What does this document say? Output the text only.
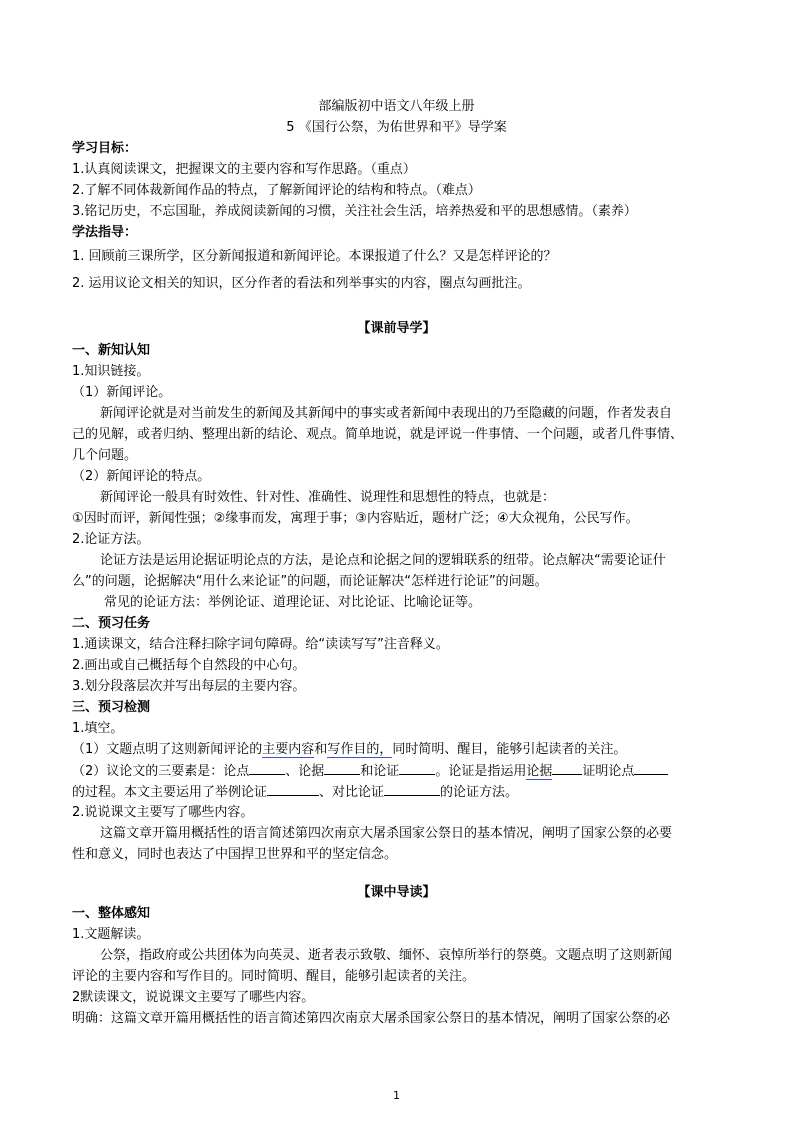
部编版初中语文八年级上册
5 《国行公祭，为佑世界和平》导学案
学习目标：
1.认真阅读课文，把握课文的主要内容和写作思路。（重点）
2.了解不同体裁新闻作品的特点，了解新闻评论的结构和特点。（难点）
3.铭记历史，不忘国耻，养成阅读新闻的习惯，关注社会生活，培养热爱和平的思想感情。（素养）
学法指导：
1. 回顾前三课所学，区分新闻报道和新闻评论。本课报道了什么？又是怎样评论的？
2. 运用议论文相关的知识，区分作者的看法和列举事实的内容，圈点勾画批注。
【课前导学】
一、新知认知
1.知识链接。
（1）新闻评论。
新闻评论就是对当前发生的新闻及其新闻中的事实或者新闻中表现出的乃至隐藏的问题，作者发表自
己的见解，或者归纳、整理出新的结论、观点。简单地说，就是评说一件事情、一个问题，或者几件事情、
几个问题。
（2）新闻评论的特点。
新闻评论一般具有时效性、针对性、准确性、说理性和思想性的特点，也就是：
①因时而评，新闻性强；②缘事而发，寓理于事；③内容贴近，题材广泛；④大众视角，公民写作。
2.论证方法。
论证方法是运用论据证明论点的方法，是论点和论据之间的逻辑联系的纽带。论点解决“需要论证什
么”的问题，论据解决“用什么来论证”的问题，而论证解决“怎样进行论证”的问题。
常见的论证方法：举例论证、道理论证、对比论证、比喻论证等。
二、预习任务
1.通读课文，结合注释扫除字词句障碍。给“读读写写”注音释义。
2.画出或自己概括每个自然段的中心句。
3.划分段落层次并写出每层的主要内容。
三、预习检测
1.填空。
（1）文题点明了这则新闻评论的主要内容和写作目的，同时简明、醒目，能够引起读者的关注。
（2）议论文的三要素是：论点	、论据	和论证	。论证是指运用论据 证明论点
的过程。本文主要运用了举例论证	、对比论证	的论证方法。
2.说说课文主要写了哪些内容。
这篇文章开篇用概括性的语言简述第四次南京大屠杀国家公祭日的基本情况，阐明了国家公祭的必要
性和意义，同时也表达了中国捍卫世界和平的坚定信念。
【课中导读】
一、整体感知
1.文题解读。
公祭，指政府或公共团体为向英灵、逝者表示致敬、缅怀、哀悼所举行的祭奠。文题点明了这则新闻
评论的主要内容和写作目的。同时简明、醒目，能够引起读者的关注。
2默读课文，说说课文主要写了哪些内容。
明确：这篇文章开篇用概括性的语言简述第四次南京大屠杀国家公祭日的基本情况，阐明了国家公祭的必
1
